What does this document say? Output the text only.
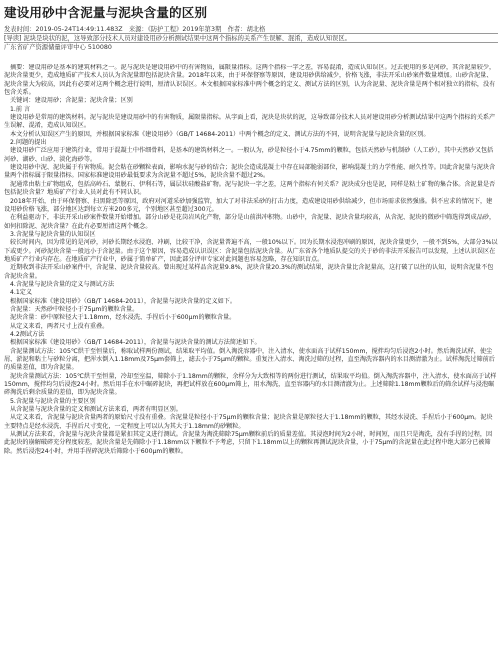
建设用砂中含泥量与泥块含量的区别
发表时间：2019-05-24T14:49:11.483Z　来源：《防护工程》2019年第3期　作者：胡北格
[导读] 泥块是块状的泥，这导致部分技术人员对建设用砂分析测试结果中这两个指标的关系产生误解、混淆，造成认知误区。
广东省矿产资源储量评审中心 510080

摘要：建设用砂是基本的建筑材料之一。泥与泥块是建设用砂中的有害物质，属限量指标。这两个指标一字之差，容易混淆，造成认知误区。过去使用的多是河砂，其含泥量较少，泥块含量更少，造成地质矿产技术人员认为含泥量即包括泥块含量。2018年以来，由于环保督察等原因，建设用砂供给减少，价格飞涨，非法开采山砂案件数量增加。山砂含泥量、泥块含量大为较高，因此有必要对这两个概念进行说明，厘清认识误区。本文根据国家标准中两个概念的定义、测试方法的区别，认为含泥量、泥块含量是两个相对独立的指标，没有包含关系。

关键词：建设用砂；含泥量；泥块含量；区别

1.前 言

建设用砂是常用的建筑材料。泥与泥块是建设用砂中的有害物质，属限量指标。从字面上看，泥块是块状的泥，这导致部分技术人员对建设用砂分析测试结果中这两个指标的关系产生误解、混淆，造成认知误区。

本文分析认知误区产生的原因，并根据国家标准《建设用砂》（GB/T 14684-2011）中两个概念的定义、测试方法的不同，说明含泥量与泥块含量的区别。

2.问题的提出

建设用砂广泛应用于建筑行业，常用于混凝土中作细骨料，是基本的建筑材料之一。一般认为，砂是粒径小于4.75mm的颗粒，包括天然砂与机制砂（人工砂），其中天然砂又包括河砂、湖砂、山砂、淡化海砂等。

建设用砂中泥、泥块属于有害物质。泥会粘在砂颗粒表面，影响水泥与砂的结合；泥块会造成混凝土中存在局部脆弱部位，影响混凝土的力学性能、耐久性等。因此含泥量与泥块含量两个指标属于限量指标。国家标准建设用砂最低要求为含泥量不超过5%，泥块含量不超过2%。

泥通常由粘土矿物组成，包括高岭石、蒙脱石、伊利石等，属层状硅酸盐矿物。泥与泥块一字之差，这两个指标有何关系？泥块成分也是泥，同样是粘土矿物的集合体。含泥量是否包括泥块含量？地质矿产行业人员对此有不同认识。

2018年开始，由于环保督察、扫黑除恶等原因，政府对河道采砂加强监管，加大了对非法采砂的打击力度，造成建设用砂供给减少，但市场需求依然强盛。供不应求的情况下，建设用砂价格飞涨，部分地区达到每立方米200多元，个别地区甚至超过300元。

在利益驱动下，非法开采山砂案件数量开始增加。部分山砂是花岗岩风化产物，部分是山前洪冲积物。山砂中，含泥量、泥块含量均较高，从含泥、泥块的微砂中筛选得到成品砂，如何扣除泥、泥块含量？在此有必要厘清这两个概念。

3.含泥量与泥块含量的认知误区

较长时间内，因为常见的是河砂，河砂长期经水浸泡、冲刷，比较干净，含泥量普遍不高，一般10%以下。因为长期水浸泡冲刷的原因，泥块含量更少，一般不到5%，大部分3%以下或更少。河砂泥块含量一般远小于含泥量。由于这个原因，容易造成认识误区：含泥量包括泥块含量。从广东省各个地质队提交的关于砂的非法开采报告可以发现，上述认识误区在地质矿产行业内存在。在地质矿产行业中，砂属于简单矿产，因此部分评审专家对此问题也容易忽略，存在知识盲点。

近期收到非法开采山砂案件中，含泥量、泥块含量较高。曾出现过某样品含泥量9.8%，泥块含量20.3%的测试结果，泥块含量比含泥量高，这打破了以往的认知，说明含泥量不包含泥块含量。

4.含泥量与泥块含量的定义与测试方法

4.1定义

根据国家标准《建设用砂》（GB/T 14684-2011），含泥量与泥块含量的定义如下。

含泥量：天然砂中粒径小于75μm的颗粒含量。

泥块含量：砂中原粒径大于1.18mm，经水浸洗、手捏后小于600μm的颗粒含量。

从定义来看，两者尺寸上没有重叠。

4.2测试方法

根据国家标准《建设用砂》（GB/T 14684-2011），含泥量与泥块含量的测试方法简述如下。

含泥量测试方法：105℃烘干至恒量后，称取试样两份测试，结果取平均值。倒入淘洗容器中，注入清水，使水面高于试样150mm，搅拌均匀后浸泡2小时。然后淘洗试样，使尘屑、淤泥和粘土与砂粒分离，把浑水倒入1.18mm及75μm套筛上，滤去小于75μm的颗粒。重复注入清水、淘洗过筛的过程，直至淘洗容器内的水目测清澈为止。试样淘洗过筛前后的质量差值，即为含泥量。

泥块含量测试方法：105℃烘干至恒量，冷却至室温，筛除小于1.18mm的颗粒，余样分为大致相等的两份进行测试，结果取平均值。倒入淘洗容器中，注入清水，使水面高于试样150mm，搅拌均匀后浸泡24小时。然后用手在水中碾碎泥块，再把试样放在600μm筛上，用水淘洗，直至容器内的水目测清澈为止。上述筛除1.18mm颗粒后的筛余试样与浸泡碾碎淘洗后剩余质量的差值，即为泥块含量。

5.含泥量与泥块含量的主要区别

从含泥量与泥块含量的定义和测试方法来看，两者有明显区别。

从定义来看，含泥量与泥块含量两者的原始尺寸没有重叠。含泥量是粒径小于75μm的颗粒含量；泥块含量是原粒径大于1.18mm的颗粒，其经水浸洗、手捏后小于600μm。泥块主要特点是经水浸洗、手捏后尺寸变化，一定程度上可以认为其大于1.18mm的砂颗粒。

从测试方法来看，含泥量与泥块含量都是紧扣其定义进行测试。含泥量为淘洗筛除75μm颗粒前后的质量差值。其浸泡时间为2小时，时间短，而且只是淘洗，没有手捏的过程，因此泥块的崩解破碎充分程度较差，泥块含量是先筛除小于1.18mm以下颗粒不予考虑，只留下1.18mm以上的颗粒再测试泥块含量，小于75μm的含泥量在此过程中绝大部分已被筛除。然后浸泡24小时，并用手捏碎泥块后筛除小于600μm的颗粒。
